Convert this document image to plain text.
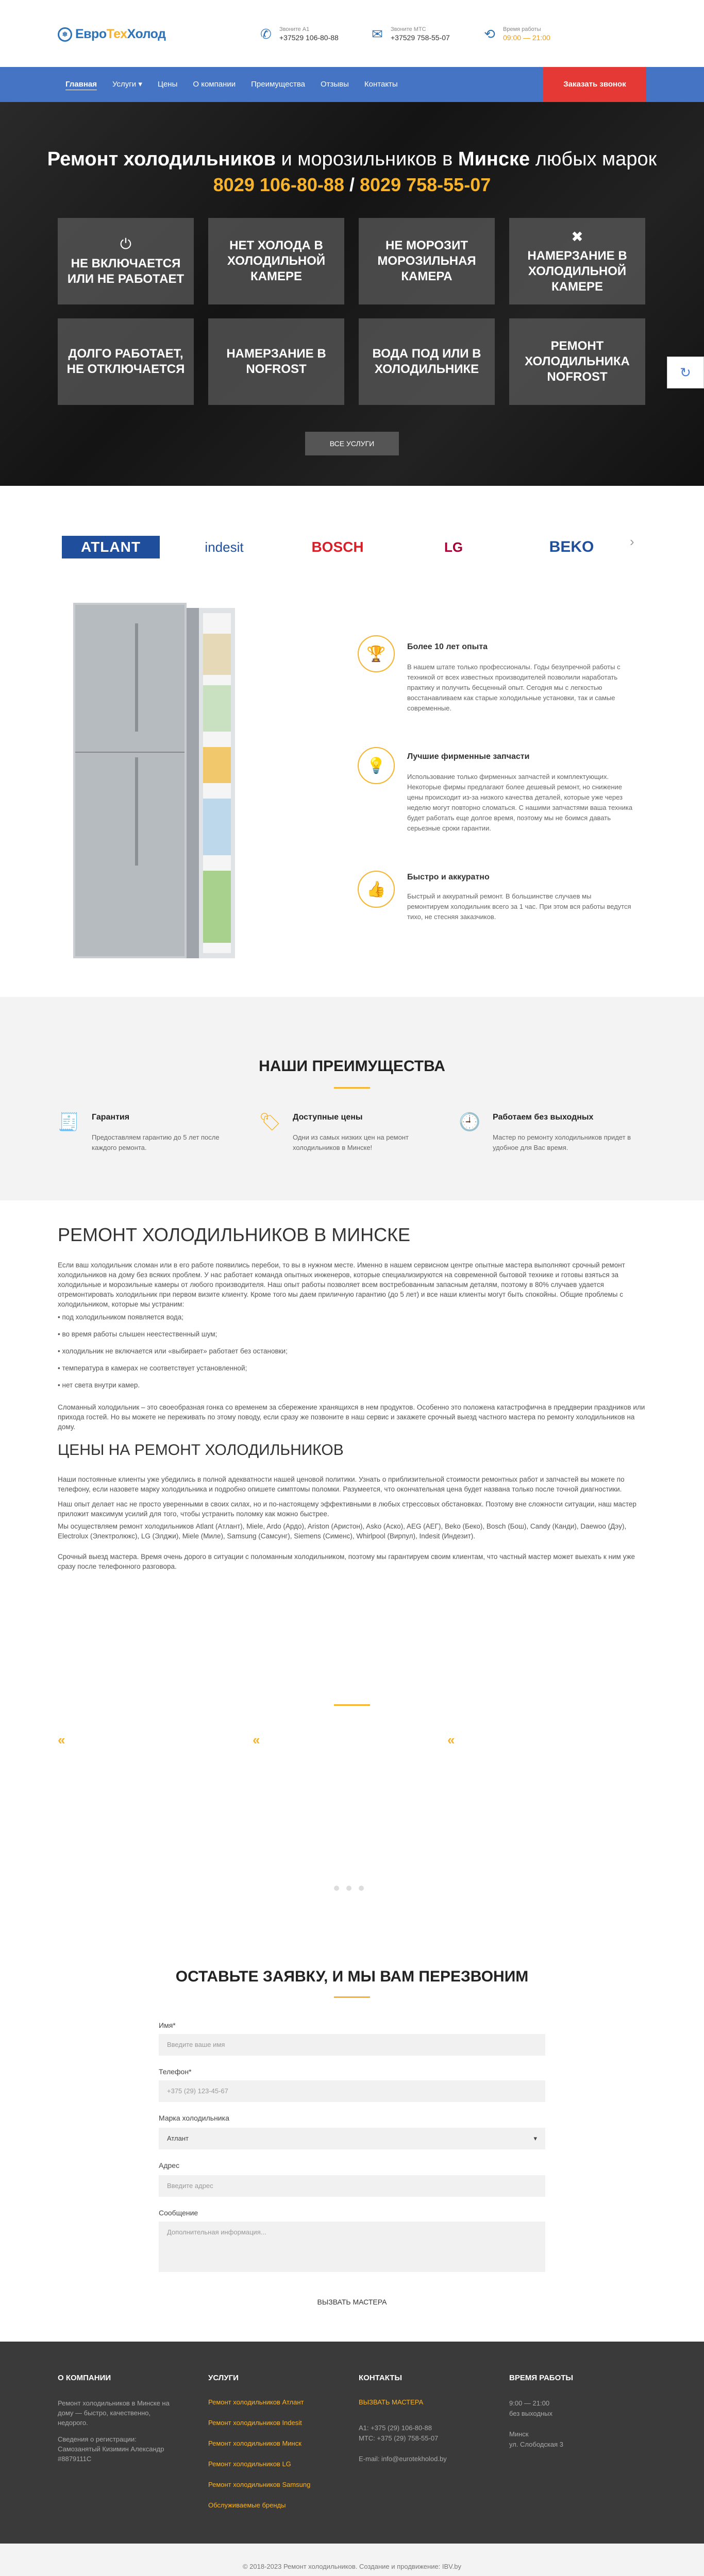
❄ ЕвроТехХолод	✆	Звоните А1
+37529 106-80-88 ✉	Звоните МТС
+37529 758-55-07	⟲	Время работы
09:00 — 21:00
Главная	Услуги ▾	Цены	О компании	Преимущества	Отзывы	Контакты	Заказать звонок
Ремонт холодильников и морозильников в Минске любых марок
8029 106-80-88 / 8029 758-55-07
⏻
НЕ ВКЛЮЧАЕТСЯ ИЛИ НЕ РАБОТАЕТ
НЕТ ХОЛОДА В ХОЛОДИЛЬНОЙ КАМЕРЕ
НЕ МОРОЗИТ МОРОЗИЛЬНАЯ КАМЕРА
✖
НАМЕРЗАНИЕ В ХОЛОДИЛЬНОЙ КАМЕРЕ
ДОЛГО РАБОТАЕТ, НЕ ОТКЛЮЧАЕТСЯ
НАМЕРЗАНИЕ В NOFROST
ВОДА ПОД ИЛИ В ХОЛОДИЛЬНИКЕ
РЕМОНТ ХОЛОДИЛЬНИКА NOFROST
ВСЕ УСЛУГИ
↻
ATLANT	indesit	BOSCH	LG	BEKO	›
🏆	Более 10 лет опыта
В нашем штате только профессионалы. Годы безупречной работы с техникой от всех известных производителей позволили наработать практику и получить бесценный опыт. Сегодня мы с легкостью восстанавливаем как старые холодильные установки, так и самые современные.
💡
Лучшие фирменные запчасти
Использование только фирменных запчастей и комплектующих. Некоторые фирмы предлагают более дешевый ремонт, но снижение цены происходит из-за низкого качества деталей, которые уже через неделю могут повторно сломаться. С нашими запчастями ваша техника будет работать еще долгое время, поэтому мы не боимся давать серьезные сроки гарантии.
👍
Быстро и аккуратно
Быстрый и аккуратный ремонт. В большинстве случаев мы ремонтируем холодильник всего за 1 час. При этом вся работы ведутся тихо, не стесняя заказчиков.
НАШИ ПРЕИМУЩЕСТВА
🧾 Гарантия
Предоставляем гарантию до 5 лет после каждого ремонта.
🏷 Доступные цены
Одни из самых низких цен на ремонт холодильников в Минске!
🕘 Работаем без выходных
Мастер по ремонту холодильников придет в удобное для Вас время.
РЕМОНТ ХОЛОДИЛЬНИКОВ В МИНСКЕ
Если ваш холодильник сломан или в его работе появились перебои, то вы в нужном месте. Именно в нашем сервисном центре опытные мастера выполняют срочный ремонт холодильников на дому без всяких проблем. У нас работает команда опытных инженеров, которые специализируются на современной бытовой технике и готовы взяться за холодильные и морозильные камеры от любого производителя. Наш опыт работы позволяет всем востребованным запасным деталям, поэтому в 80% случаев удается отремонтировать холодильник при первом визите клиенту. Кроме того мы даем приличную гарантию (до 5 лет) и все наши клиенты могут быть спокойны. Общие проблемы с холодильником, которые мы устраним:
• под холодильником появляется вода;
• во время работы слышен неестественный шум;
• холодильник не включается или «выбирает» работает без остановки;
• температура в камерах не соответствует установленной;
• нет света внутри камер.
Сломанный холодильник – это своеобразная гонка со временем за сбережение хранящихся в нем продуктов. Особенно это положена катастрофична в преддверии праздников или прихода гостей. Но вы можете не переживать по этому поводу, если сразу же позвоните в наш сервис и закажете срочный выезд частного мастера по ремонту холодильников на дому.
ЦЕНЫ НА РЕМОНТ ХОЛОДИЛЬНИКОВ
Наши постоянные клиенты уже убедились в полной адекватности нашей ценовой политики. Узнать о приблизительной стоимости ремонтных работ и запчастей вы можете по телефону, если назовете марку холодильника и подробно опишете симптомы поломки. Разумеется, что окончательная цена будет названа только после точной диагностики.
Наш опыт делает нас не просто уверенными в своих силах, но и по-настоящему эффективными в любых стрессовых обстановках. Поэтому вне сложности ситуации, наш мастер приложит максимум усилий для того, чтобы устранить поломку как можно быстрее.
Мы осуществляем ремонт холодильников Atlant (Атлант), Miele, Ardo (Ардо), Ariston (Аристон), Asko (Аско), AEG (АЕГ), Beko (Беко), Bosch (Бош), Candy (Канди), Daewoo (Дэу), Electrolux (Электролюкс), LG (Элджи), Miele (Миле), Samsung (Самсунг), Siemens (Сименс), Whirlpool (Вирпул), Indesit (Индезит).
Срочный выезд мастера. Время очень дорого в ситуации с поломанным холодильником, поэтому мы гарантируем своим клиентам, что частный мастер может выехать к ним уже сразу после телефонного разговора.
«	«	«
ОСТАВЬТЕ ЗАЯВКУ, И МЫ ВАМ ПЕРЕЗВОНИМ
Имя*
Введите ваше имя
Телефон*
+375 (29) 123-45-67
Марка холодильника
Атлант	▾
Адрес
Введите адрес
Сообщение
Дополнительная информация...
ВЫЗВАТЬ МАСТЕРА
О КОМПАНИИ
Ремонт холодильников в Минске на дому — быстро, качественно, недорого.
Сведения о регистрации: Самозанятый Кизимин Александр #8879111C
УСЛУГИ
Ремонт холодильников Атлант
Ремонт холодильников Indesit
Ремонт холодильников Минск
Ремонт холодильников LG
Ремонт холодильников Samsung
Обслуживаемые бренды
КОНТАКТЫ
ВЫЗВАТЬ МАСТЕРА
А1: +375 (29) 106-80-88
МТС: +375 (29) 758-55-07
E-mail: info@eurotekholod.by
ВРЕМЯ РАБОТЫ
9:00 — 21:00
без выходных
Минск
ул. Слободская 3
© 2018-2023 Ремонт холодильников. Создание и продвижение: IBV.by
